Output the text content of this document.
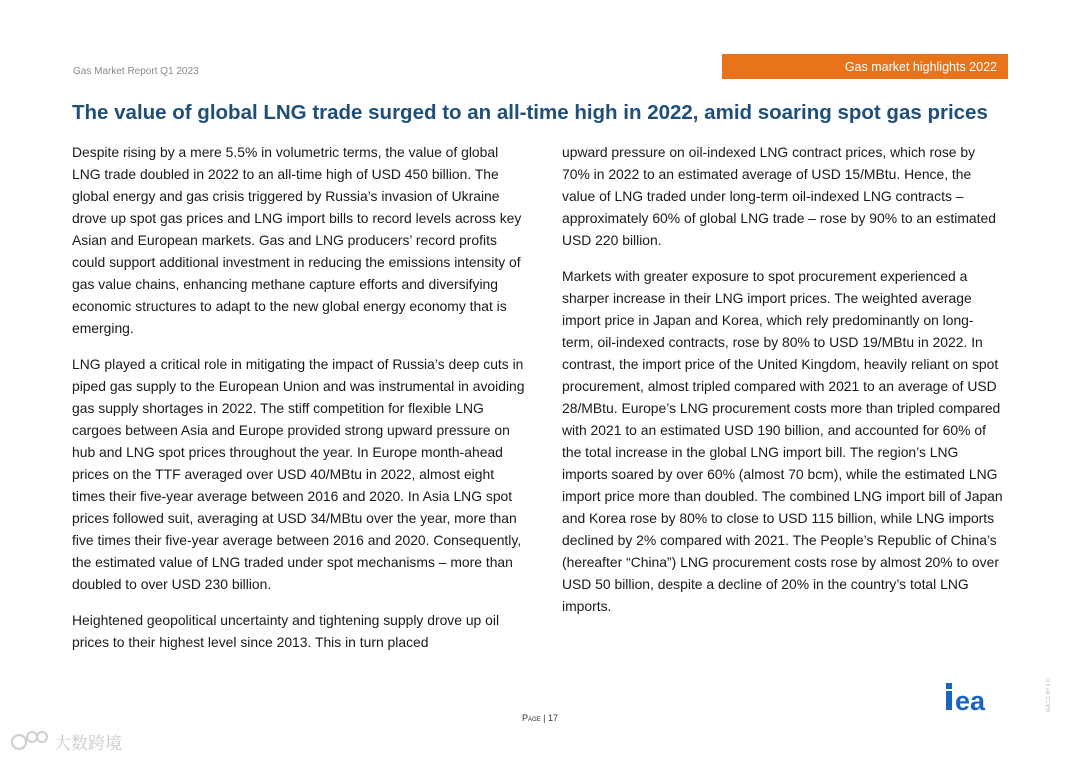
Gas Market Report Q1 2023	Gas market highlights 2022
The value of global LNG trade surged to an all-time high in 2022, amid soaring spot gas prices

Despite rising by a mere 5.5% in volumetric terms, the value of global LNG trade doubled in 2022 to an all-time high of USD 450 billion. The global energy and gas crisis triggered by Russia’s invasion of Ukraine drove up spot gas prices and LNG import bills to record levels across key Asian and European markets. Gas and LNG producers’ record profits could support additional investment in reducing the emissions intensity of gas value chains, enhancing methane capture efforts and diversifying economic structures to adapt to the new global energy economy that is emerging.

LNG played a critical role in mitigating the impact of Russia’s deep cuts in piped gas supply to the European Union and was instrumental in avoiding gas supply shortages in 2022. The stiff competition for flexible LNG cargoes between Asia and Europe provided strong upward pressure on hub and LNG spot prices throughout the year. In Europe month-ahead prices on the TTF averaged over USD 40/MBtu in 2022, almost eight times their five-year average between 2016 and 2020. In Asia LNG spot prices followed suit, averaging at USD 34/MBtu over the year, more than five times their five-year average between 2016 and 2020. Consequently, the estimated value of LNG traded under spot mechanisms – more than doubled to over USD 230 billion.

Heightened geopolitical uncertainty and tightening supply drove up oil prices to their highest level since 2013. This in turn placed

upward pressure on oil-indexed LNG contract prices, which rose by 70% in 2022 to an estimated average of USD 15/MBtu. Hence, the value of LNG traded under long-term oil-indexed LNG contracts – approximately 60% of global LNG trade – rose by 90% to an estimated USD 220 billion.

Markets with greater exposure to spot procurement experienced a sharper increase in their LNG import prices. The weighted average import price in Japan and Korea, which rely predominantly on long-term, oil-indexed contracts, rose by 80% to USD 19/MBtu in 2022. In contrast, the import price of the United Kingdom, heavily reliant on spot procurement, almost tripled compared with 2021 to an average of USD 28/MBtu. Europe’s LNG procurement costs more than tripled compared with 2021 to an estimated USD 190 billion, and accounted for 60% of the total increase in the global LNG import bill. The region’s LNG imports soared by over 60% (almost 70 bcm), while the estimated LNG import price more than doubled. The combined LNG import bill of Japan and Korea rose by 80% to close to USD 115 billion, while LNG imports declined by 2% compared with 2021. The People’s Republic of China’s (hereafter “China”) LNG procurement costs rose by almost 20% to over USD 50 billion, despite a decline of 20% in the country’s total LNG imports.

Page | 17
ea	IEA CC BY 4.0
大数跨境
